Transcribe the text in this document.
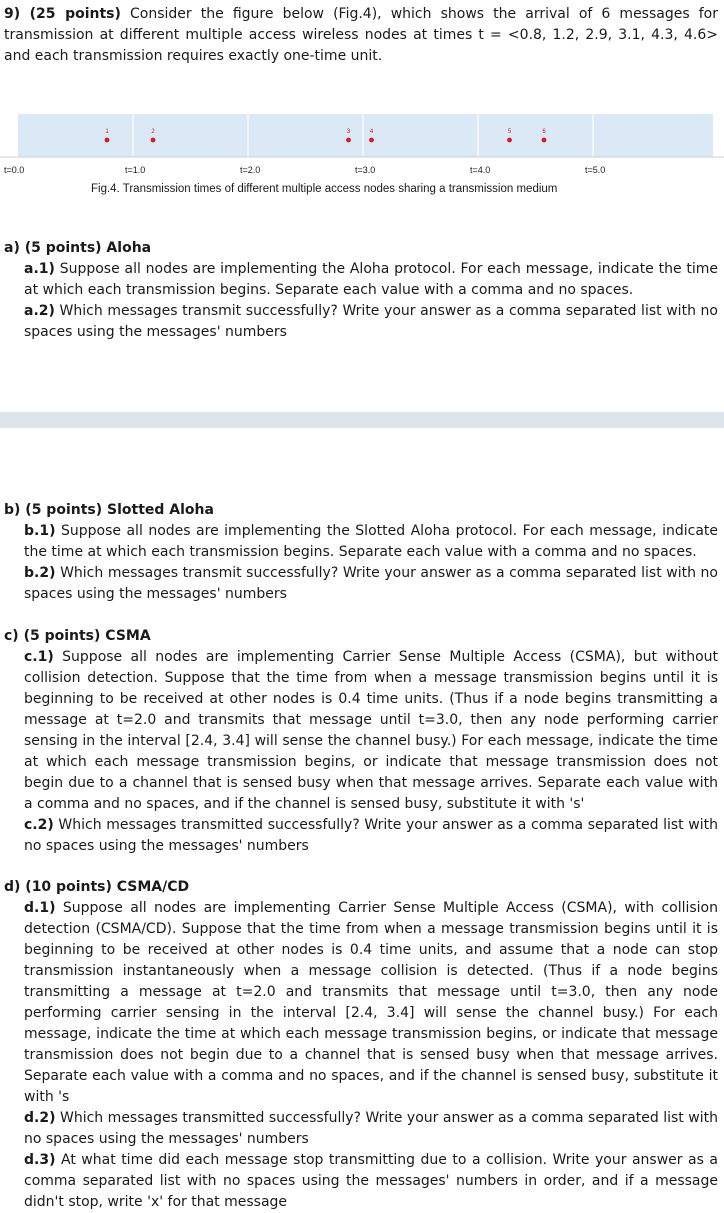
9) (25 points) Consider the figure below (Fig.4), which shows the arrival of 6 messages for transmission at different multiple access wireless nodes at times t = <0.8, 1.2, 2.9, 3.1, 4.3, 4.6> and each transmission requires exactly one-time unit.
1	2	3	4	5	6
t=0.0	t=1.0	t=2.0	t=3.0	t=4.0	t=5.0
Fig.4. Transmission times of different multiple access nodes sharing a transmission medium
a) (5 points) Aloha
a.1) Suppose all nodes are implementing the Aloha protocol. For each message, indicate the time at which each transmission begins. Separate each value with a comma and no spaces.
a.2) Which messages transmit successfully? Write your answer as a comma separated list with no spaces using the messages' numbers
b) (5 points) Slotted Aloha
b.1) Suppose all nodes are implementing the Slotted Aloha protocol. For each message, indicate the time at which each transmission begins. Separate each value with a comma and no spaces.
b.2) Which messages transmit successfully? Write your answer as a comma separated list with no spaces using the messages' numbers
c) (5 points) CSMA
c.1) Suppose all nodes are implementing Carrier Sense Multiple Access (CSMA), but without collision detection. Suppose that the time from when a message transmission begins until it is beginning to be received at other nodes is 0.4 time units. (Thus if a node begins transmitting a message at t=2.0 and transmits that message until t=3.0, then any node performing carrier sensing in the interval [2.4, 3.4] will sense the channel busy.) For each message, indicate the time at which each message transmission begins, or indicate that message transmission does not begin due to a channel that is sensed busy when that message arrives. Separate each value with a comma and no spaces, and if the channel is sensed busy, substitute it with 's'
c.2) Which messages transmitted successfully? Write your answer as a comma separated list with no spaces using the messages' numbers
d) (10 points) CSMA/CD
d.1) Suppose all nodes are implementing Carrier Sense Multiple Access (CSMA), with collision detection (CSMA/CD). Suppose that the time from when a message transmission begins until it is beginning to be received at other nodes is 0.4 time units, and assume that a node can stop transmission instantaneously when a message collision is detected. (Thus if a node begins transmitting a message at t=2.0 and transmits that message until t=3.0, then any node performing carrier sensing in the interval [2.4, 3.4] will sense the channel busy.) For each message, indicate the time at which each message transmission begins, or indicate that message transmission does not begin due to a channel that is sensed busy when that message arrives. Separate each value with a comma and no spaces, and if the channel is sensed busy, substitute it with 's
d.2) Which messages transmitted successfully? Write your answer as a comma separated list with no spaces using the messages' numbers
d.3) At what time did each message stop transmitting due to a collision. Write your answer as a comma separated list with no spaces using the messages' numbers in order, and if a message didn't stop, write 'x' for that message
